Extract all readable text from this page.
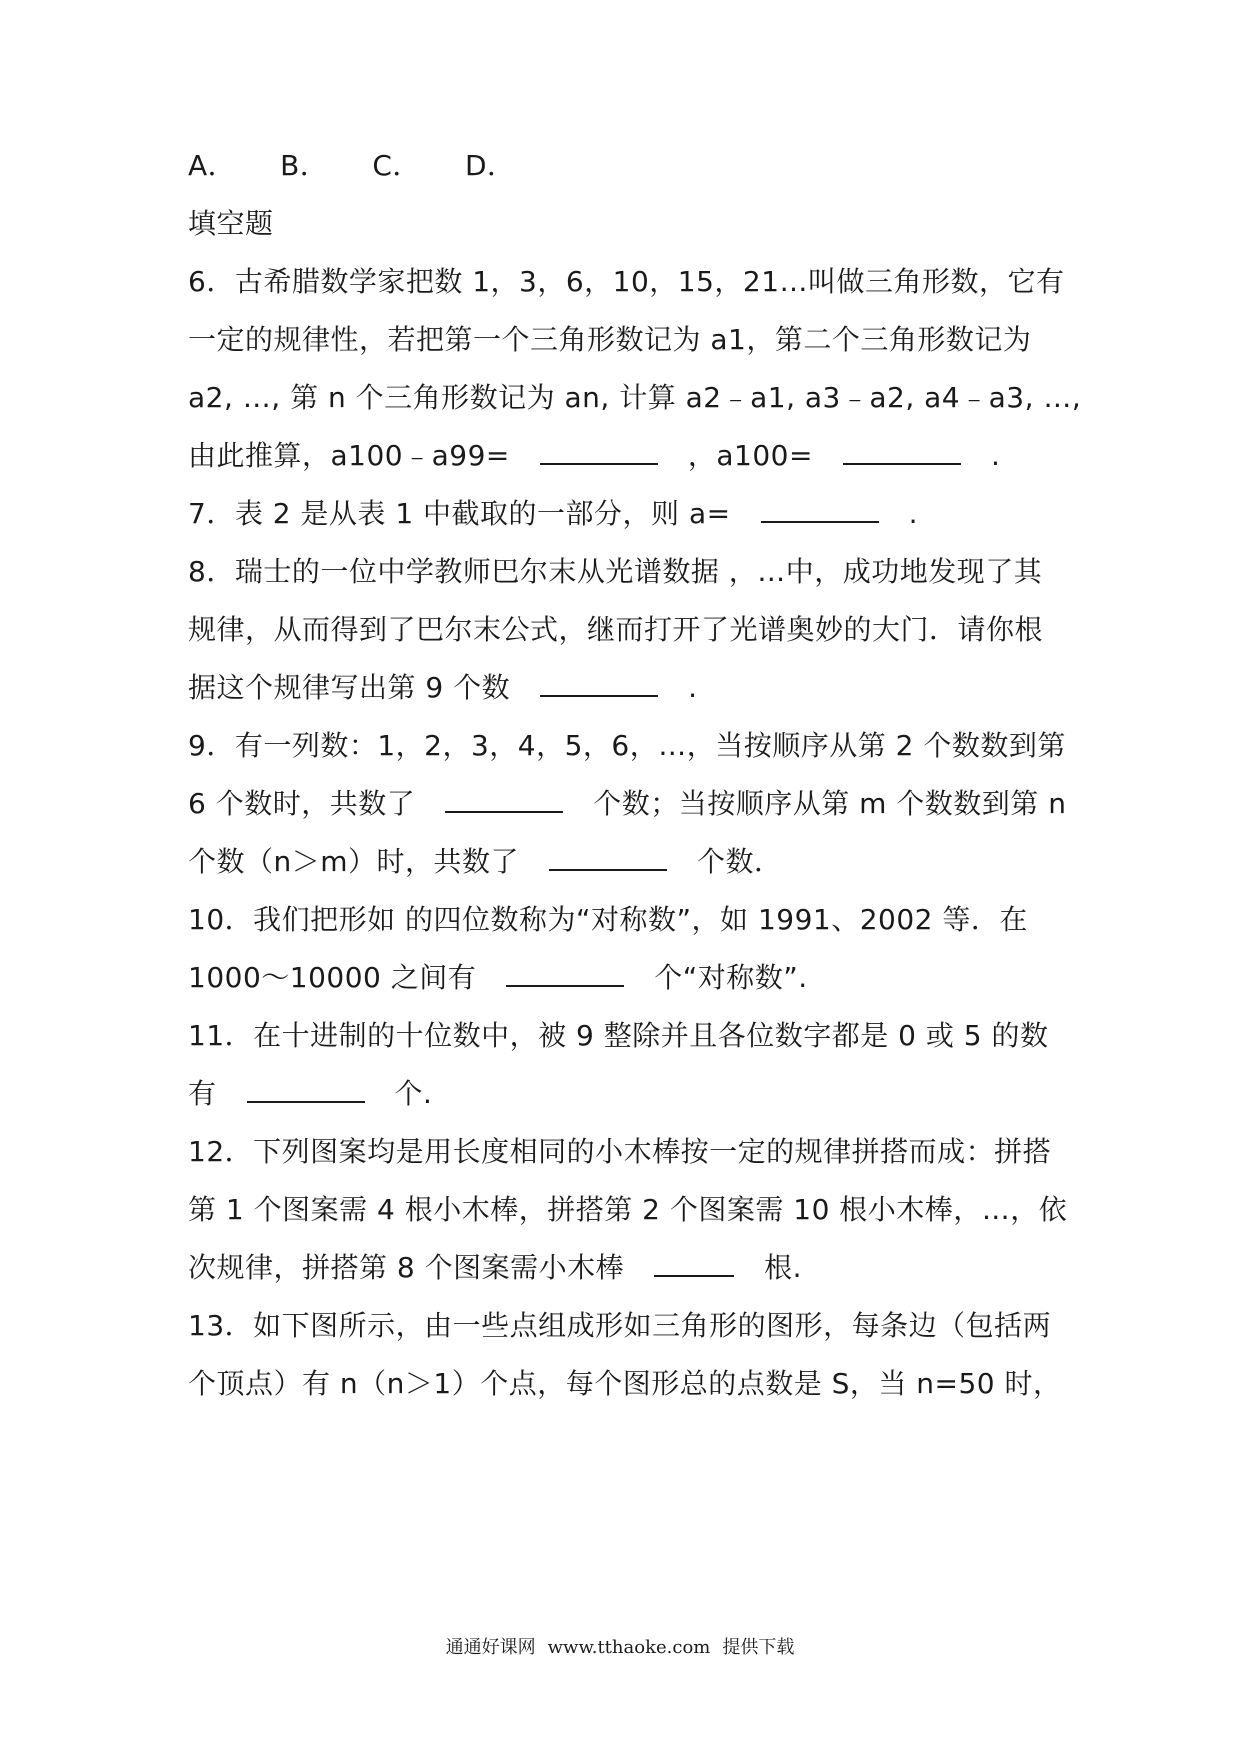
A． B． C． D．
填空题
6．古希腊数学家把数 1，3，6，10，15，21…叫做三角形数，它有
一定的规律性，若把第一个三角形数记为 a1，第二个三角形数记为
a2, …, 第 n 个三角形数记为 an, 计算 a2﹣a1, a3﹣a2, a4﹣a3, …,
由此推算，a100﹣a99=	，a100=	.
7．表 2 是从表 1 中截取的一部分，则 a=	.
8．瑞士的一位中学教师巴尔末从光谱数据 ，…中，成功地发现了其
规律，从而得到了巴尔末公式，继而打开了光谱奥妙的大门．请你根
据这个规律写出第 9 个数	.
9．有一列数：1，2，3，4，5，6，…，当按顺序从第 2 个数数到第
6 个数时，共数了	个数；当按顺序从第 m 个数数到第 n
个数（n＞m）时，共数了	个数．
10．我们把形如 的四位数称为“对称数”，如 1991、2002 等．在
1000～10000 之间有	个“对称数”.
11．在十进制的十位数中，被 9 整除并且各位数字都是 0 或 5 的数
有	个.
12．下列图案均是用长度相同的小木棒按一定的规律拼搭而成：拼搭
第 1 个图案需 4 根小木棒，拼搭第 2 个图案需 10 根小木棒，…，依
次规律，拼搭第 8 个图案需小木棒	根.
13．如下图所示，由一些点组成形如三角形的图形，每条边（包括两
个顶点）有 n（n＞1）个点，每个图形总的点数是 S，当 n=50 时，
通通好课网 www.tthaoke.com 提供下载
